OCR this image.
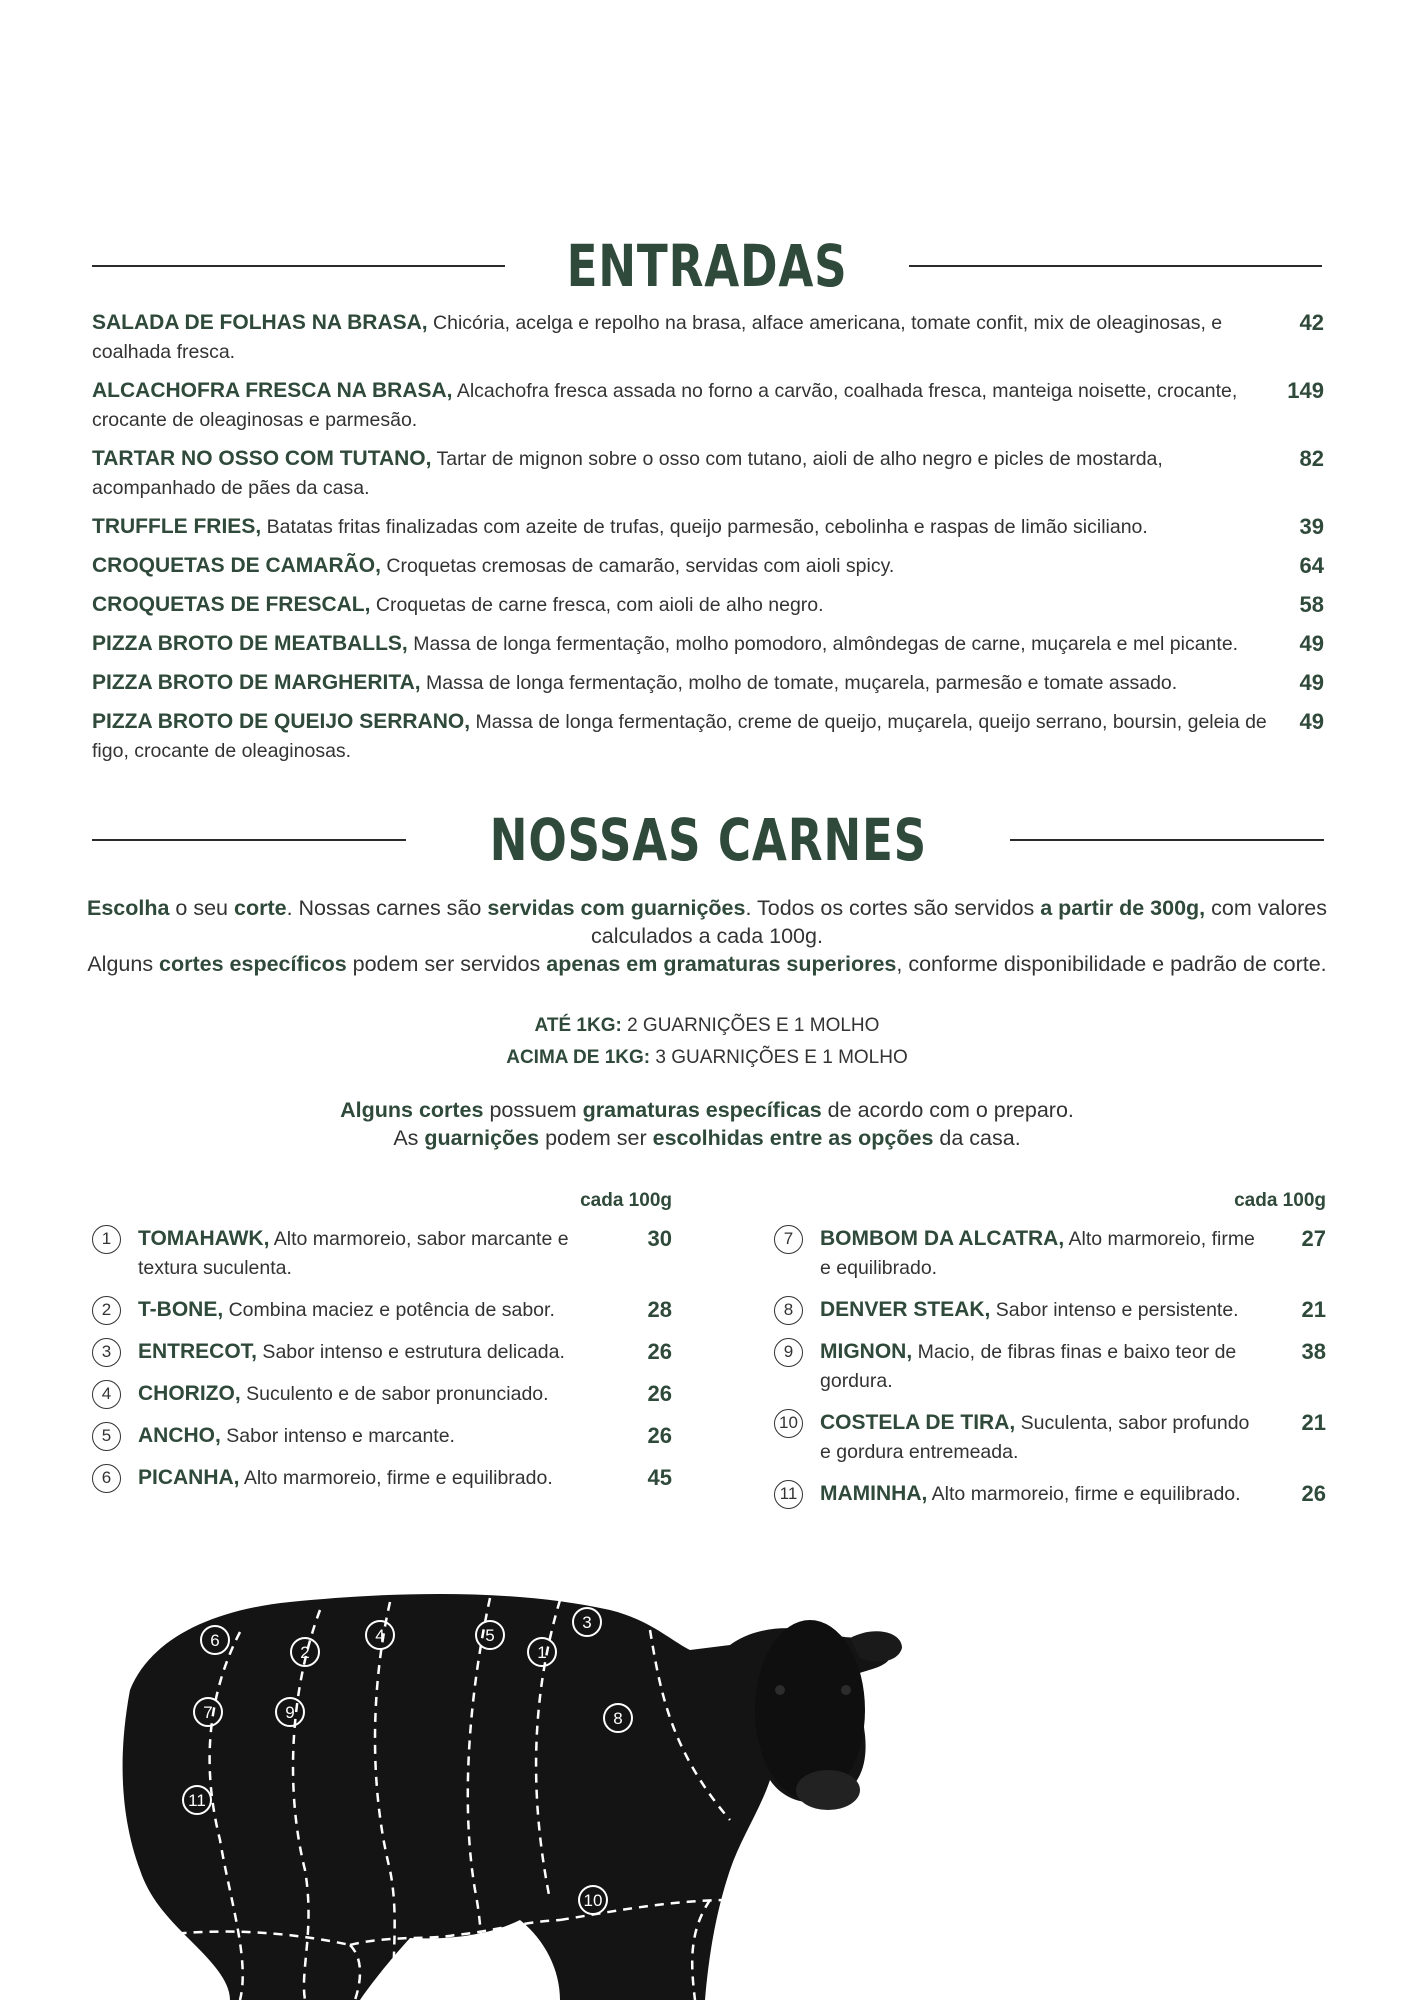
ENTRADAS
SALADA DE FOLHAS NA BRASA, Chicória, acelga e repolho na brasa, alface americana, tomate confit, mix de oleaginosas, e coalhada fresca.
42
ALCACHOFRA FRESCA NA BRASA, Alcachofra fresca assada no forno a carvão, coalhada fresca, manteiga noisette, crocante, crocante de oleaginosas e parmesão.
149
TARTAR NO OSSO COM TUTANO, Tartar de mignon sobre o osso com tutano, aioli de alho negro e picles de mostarda, acompanhado de pães da casa.
82
TRUFFLE FRIES, Batatas fritas finalizadas com azeite de trufas, queijo parmesão, cebolinha e raspas de limão siciliano.	39
CROQUETAS DE CAMARÃO, Croquetas cremosas de camarão, servidas com aioli spicy.	64
CROQUETAS DE FRESCAL, Croquetas de carne fresca, com aioli de alho negro.	58
PIZZA BROTO DE MEATBALLS, Massa de longa fermentação, molho pomodoro, almôndegas de carne, muçarela e mel picante.	49
PIZZA BROTO DE MARGHERITA, Massa de longa fermentação, molho de tomate, muçarela, parmesão e tomate assado.	49
PIZZA BROTO DE QUEIJO SERRANO, Massa de longa fermentação, creme de queijo, muçarela, queijo serrano, boursin, geleia de figo, crocante de oleaginosas.
49
NOSSAS CARNES
Escolha o seu corte. Nossas carnes são servidas com guarnições. Todos os cortes são servidos a partir de 300g, com valores calculados a cada 100g.
Alguns cortes específicos podem ser servidos apenas em gramaturas superiores, conforme disponibilidade e padrão de corte.
ATÉ 1KG: 2 GUARNIÇÕES E 1 MOLHO
ACIMA DE 1KG: 3 GUARNIÇÕES E 1 MOLHO
Alguns cortes possuem gramaturas específicas de acordo com o preparo.
As guarnições podem ser escolhidas entre as opções da casa.
cada 100g
1	TOMAHAWK, Alto marmoreio, sabor marcante e textura suculenta.
30
2	T-BONE, Combina maciez e potência de sabor.	28
3	ENTRECOT, Sabor intenso e estrutura delicada.	26
4	CHORIZO, Suculento e de sabor pronunciado.	26
5	ANCHO, Sabor intenso e marcante.	26
6	PICANHA, Alto marmoreio, firme e equilibrado.	45
cada 100g
7	BOMBOM DA ALCATRA, Alto marmoreio, firme e equilibrado.
27
8	DENVER STEAK, Sabor intenso e persistente.	21
9	MIGNON, Macio, de fibras finas e baixo teor de gordura.
38
10 COSTELA DE TIRA, Suculenta, sabor profundo e gordura entremeada.
21
11 MAMINHA, Alto marmoreio, firme e equilibrado.	26
6
2
4	5
3
1
7	9	8
11
10
